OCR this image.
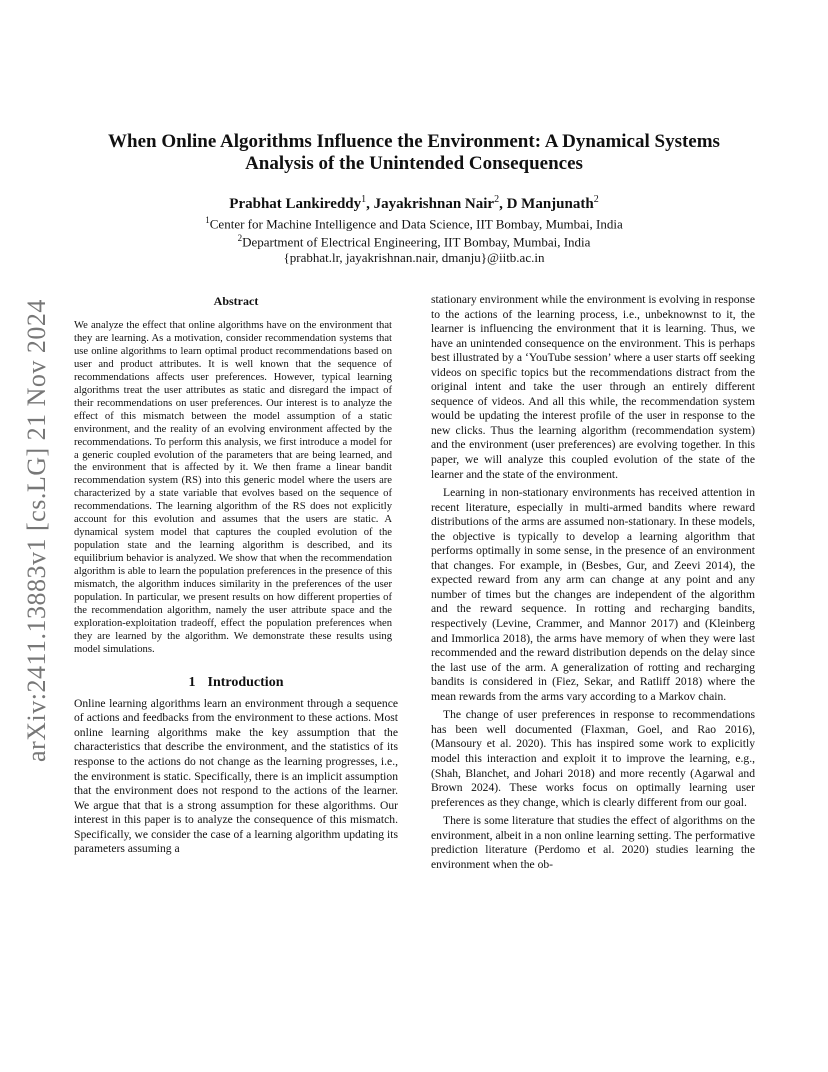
arXiv:2411.13883v1 [cs.LG] 21 Nov 2024
When Online Algorithms Influence the Environment: A Dynamical Systems
Analysis of the Unintended Consequences
Prabhat Lankireddy$^1$, Jayakrishnan Nair$^2$, D Manjunath$^2$
$^1$Center for Machine Intelligence and Data Science, IIT Bombay, Mumbai, India
$^2$Department of Electrical Engineering, IIT Bombay, Mumbai, India
{prabhat.lr, jayakrishnan.nair, dmanju}@iitb.ac.in
Abstract

We analyze the effect that online algorithms have on the environment that they are learning. As a motivation, consider recommendation systems that use online algorithms to learn optimal product recommendations based on user and product attributes. It is well known that the sequence of recommendations affects user preferences. However, typical learning algorithms treat the user attributes as static and disregard the impact of their recommendations on user preferences. Our interest is to analyze the effect of this mismatch between the model assumption of a static environment, and the reality of an evolving environment affected by the recommendations. To perform this analysis, we first introduce a model for a generic coupled evolution of the parameters that are being learned, and the environment that is affected by it. We then frame a linear bandit recommendation system (RS) into this generic model where the users are characterized by a state variable that evolves based on the sequence of recommendations. The learning algorithm of the RS does not explicitly account for this evolution and assumes that the users are static. A dynamical system model that captures the coupled evolution of the population state and the learning algorithm is described, and its equilibrium behavior is analyzed. We show that when the recommendation algorithm is able to learn the population preferences in the presence of this mismatch, the algorithm induces similarity in the preferences of the user population. In particular, we present results on how different properties of the recommendation algorithm, namely the user attribute space and the exploration-exploitation tradeoff, effect the population preferences when they are learned by the algorithm. We demonstrate these results using model simulations.

1 Introduction

Online learning algorithms learn an environment through a sequence of actions and feedbacks from the environment to these actions. Most online learning algorithms make the key assumption that the characteristics that describe the environment, and the statistics of its response to the actions do not change as the learning progresses, i.e., the environment is static. Specifically, there is an implicit assumption that the environment does not respond to the actions of the learner. We argue that that is a strong assumption for these algorithms. Our interest in this paper is to analyze the consequence of this mismatch. Specifically, we consider the case of a learning algorithm updating its parameters assuming a

stationary environment while the environment is evolving in response to the actions of the learning process, i.e., unbeknownst to it, the learner is influencing the environment that it is learning. Thus, we have an unintended consequence on the environment. This is perhaps best illustrated by a ‘YouTube session’ where a user starts off seeking videos on specific topics but the recommendations distract from the original intent and take the user through an entirely different sequence of videos. And all this while, the recommendation system would be updating the interest profile of the user in response to the new clicks. Thus the learning algorithm (recommendation system) and the environment (user preferences) are evolving together. In this paper, we will analyze this coupled evolution of the state of the learner and the state of the environment.

Learning in non-stationary environments has received attention in recent literature, especially in multi-armed bandits where reward distributions of the arms are assumed non-stationary. In these models, the objective is typically to develop a learning algorithm that performs optimally in some sense, in the presence of an environment that changes. For example, in (Besbes, Gur, and Zeevi 2014), the expected reward from any arm can change at any point and any number of times but the changes are independent of the algorithm and the reward sequence. In rotting and recharging bandits, respectively (Levine, Crammer, and Mannor 2017) and (Kleinberg and Immorlica 2018), the arms have memory of when they were last recommended and the reward distribution depends on the delay since the last use of the arm. A generalization of rotting and recharging bandits is considered in (Fiez, Sekar, and Ratliff 2018) where the mean rewards from the arms vary according to a Markov chain.

The change of user preferences in response to recommendations has been well documented (Flaxman, Goel, and Rao 2016), (Mansoury et al. 2020). This has inspired some work to explicitly model this interaction and exploit it to improve the learning, e.g., (Shah, Blanchet, and Johari 2018) and more recently (Agarwal and Brown 2024). These works focus on optimally learning user preferences as they change, which is clearly different from our goal.

There is some literature that studies the effect of algorithms on the environment, albeit in a non online learning setting. The performative prediction literature (Perdomo et al. 2020) studies learning the environment when the ob-
